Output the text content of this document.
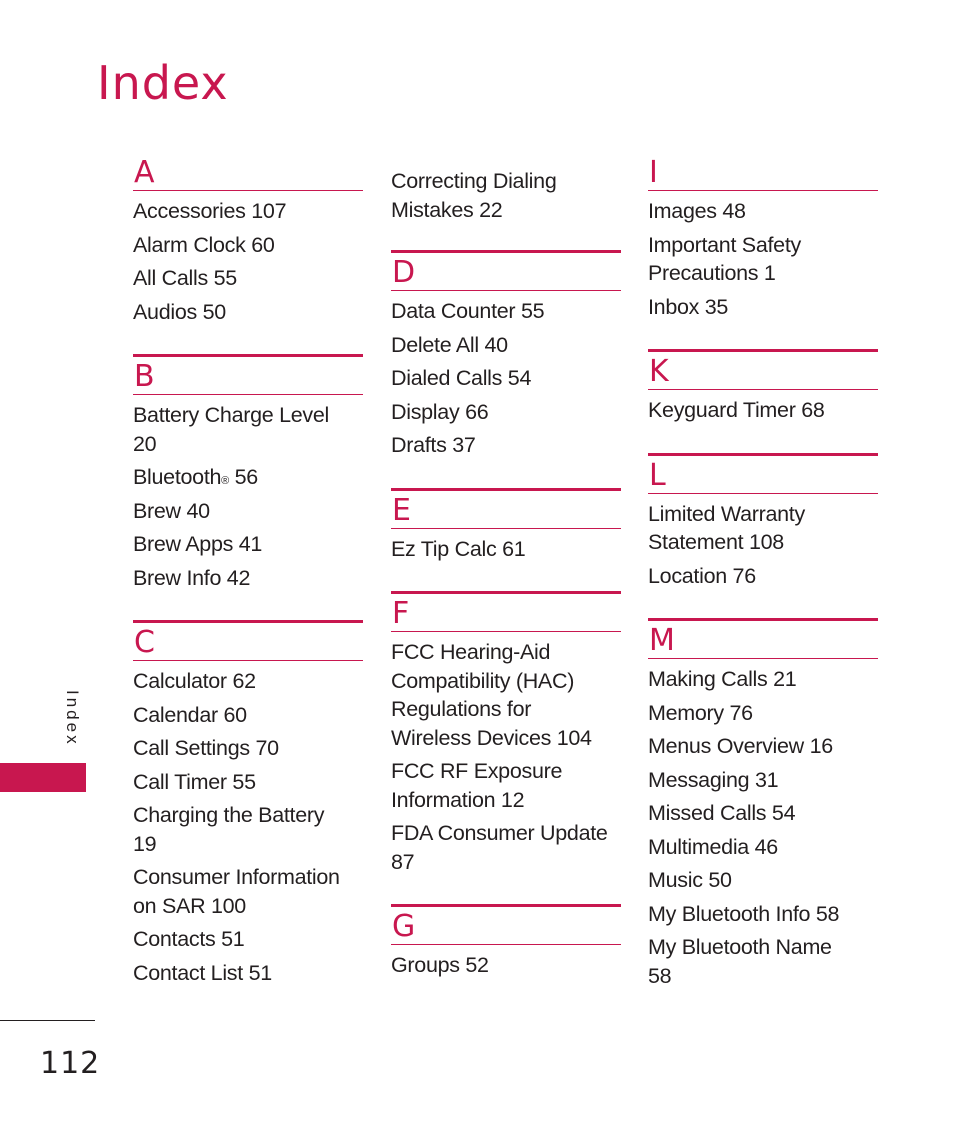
Index
A
Accessories 107
Alarm Clock 60
All Calls 55
Audios 50
B
Battery Charge Level
20
Bluetooth® 56
Brew 40
Brew Apps 41
Brew Info 42
C
Calculator 62
Calendar 60
Call Settings 70
Call Timer 55
Charging the Battery
19
Consumer Information
on SAR 100
Contacts 51
Contact List 51
Correcting Dialing
Mistakes 22
D
Data Counter 55
Delete All 40
Dialed Calls 54
Display 66
Drafts 37
E
Ez Tip Calc 61
F
FCC Hearing-Aid
Compatibility (HAC)
Regulations for
Wireless Devices 104
FCC RF Exposure
Information 12
FDA Consumer Update
87
G
Groups 52
I
Images 48
Important Safety
Precautions 1
Inbox 35
K
Keyguard Timer 68
L
Limited Warranty
Statement 108
Location 76
M
Making Calls 21
Memory 76
Menus Overview 16
Messaging 31
Missed Calls 54
Multimedia 46
Music 50
My Bluetooth Info 58
My Bluetooth Name
58
Index
112
